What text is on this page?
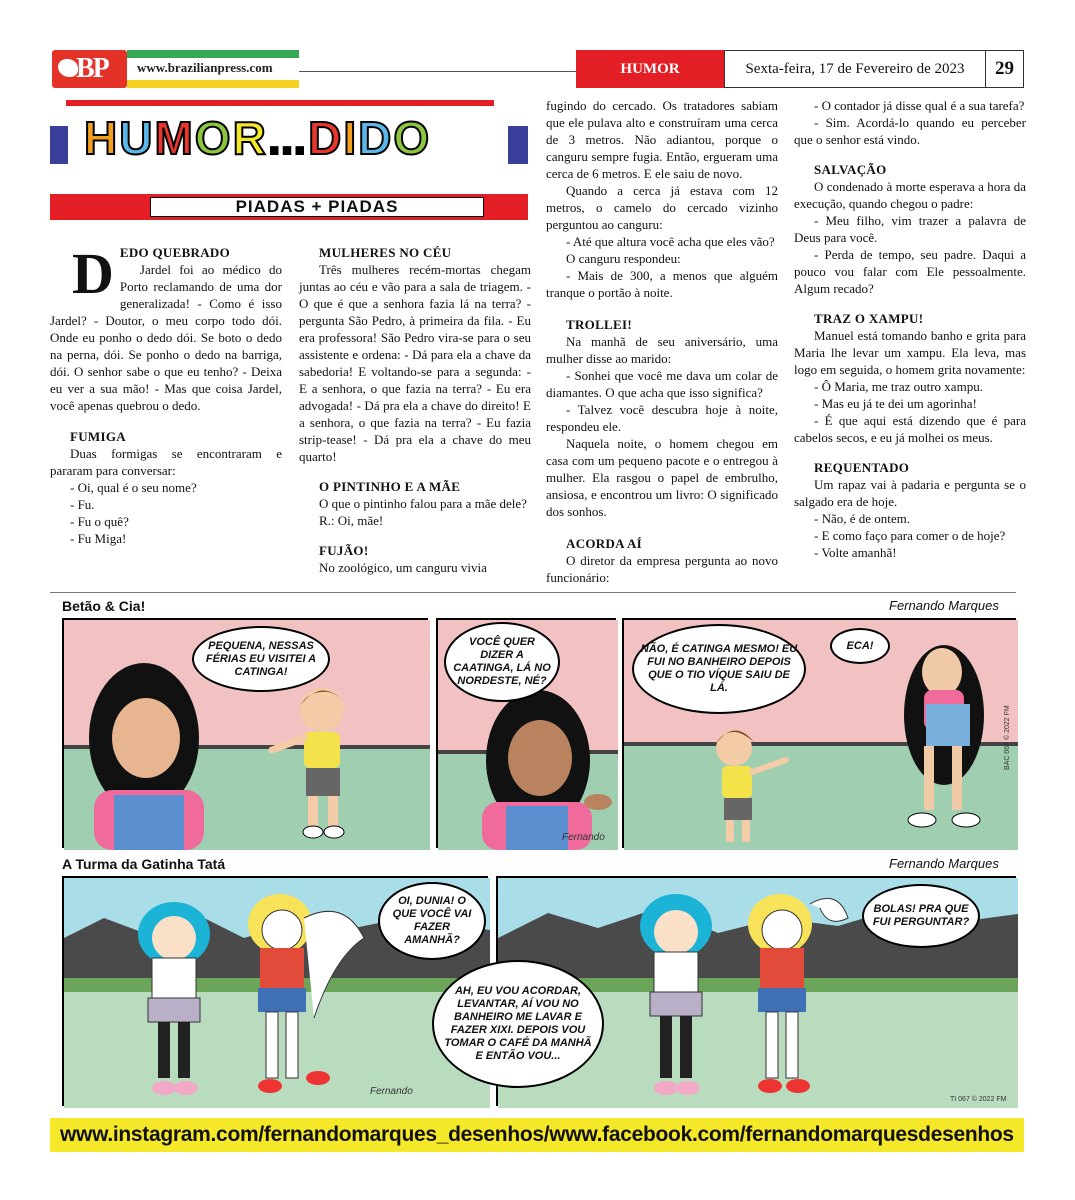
BP www.brazilianpress.com	HUMOR	Sexta-feira, 17 de Fevereiro de 2023	29
H U M O R ... D I D O
PIADAS + PIADAS
D EDO QUEBRADO

Jardel foi ao médico do Porto reclamando de uma dor generalizada! - Como é isso Jardel? - Doutor, o meu corpo todo dói. Onde eu ponho o dedo dói. Se boto o dedo na perna, dói. Se ponho o dedo na barriga, dói. O senhor sabe o que eu tenho? - Deixa eu ver a sua mão! - Mas que coisa Jardel, você apenas quebrou o dedo.

FUMIGA

Duas formigas se encontraram e pararam para conversar:

- Oi, qual é o seu nome?

- Fu.

- Fu o quê?

- Fu Miga!

MULHERES NO CÉU

Três mulheres recém-mortas chegam juntas ao céu e vão para a sala de triagem. - O que é que a senhora fazia lá na terra? - pergunta São Pedro, à primeira da fila. - Eu era professora! São Pedro vira-se para o seu assistente e ordena: - Dá para ela a chave da sabedoria! E voltando-se para a segunda: - E a senhora, o que fazia na terra? - Eu era advogada! - Dá pra ela a chave do direito! E a senhora, o que fazia na terra? - Eu fazia strip-tease! - Dá pra ela a chave do meu quarto!

O PINTINHO E A MÃE

O que o pintinho falou para a mãe dele?

R.: Oi, mãe!

FUJÃO!

No zoológico, um canguru vivia

fugindo do cercado. Os tratadores sabiam que ele pulava alto e construíram uma cerca de 3 metros. Não adiantou, porque o canguru sempre fugia. Então, ergueram uma cerca de 6 metros. E ele saiu de novo.

Quando a cerca já estava com 12 metros, o camelo do cercado vizinho perguntou ao canguru:

- Até que altura você acha que eles vão?

O canguru respondeu:

- Mais de 300, a menos que alguém tranque o portão à noite.

TROLLEI!

Na manhã de seu aniversário, uma mulher disse ao marido:

- Sonhei que você me dava um colar de diamantes. O que acha que isso significa?

- Talvez você descubra hoje à noite, respondeu ele.

Naquela noite, o homem chegou em casa com um pequeno pacote e o entregou à mulher. Ela rasgou o papel de embrulho, ansiosa, e encontrou um livro: O significado dos sonhos.

ACORDA AÍ

O diretor da empresa pergunta ao novo funcionário:

- O contador já disse qual é a sua tarefa?

- Sim. Acordá-lo quando eu perceber que o senhor está vindo.

SALVAÇÃO

O condenado à morte esperava a hora da execução, quando chegou o padre:

- Meu filho, vim trazer a palavra de Deus para você.

- Perda de tempo, seu padre. Daqui a pouco vou falar com Ele pessoalmente. Algum recado?

TRAZ O XAMPU!

Manuel está tomando banho e grita para Maria lhe levar um xampu. Ela leva, mas logo em seguida, o homem grita novamente:

- Ô Maria, me traz outro xampu.

- Mas eu já te dei um agorinha!

- É que aqui está dizendo que é para cabelos secos, e eu já molhei os meus.

REQUENTADO

Um rapaz vai à padaria e pergunta se o salgado era de hoje.

- Não, é de ontem.

- E como faço para comer o de hoje?

- Volte amanhã!

Betão & Cia!	Fernando Marques
PEQUENA, NESSAS FÉRIAS EU VISITEI A CATINGA!
VOCÊ QUER DIZER A CAATINGA, LÁ NO NORDESTE, NÉ?
Fernando
NÃO, É CATINGA MESMO! EU FUI NO BANHEIRO DEPOIS QUE O TIO VÍQUE SAIU DE LÁ.
ECA!
BAC 067 © 2022 FM
A Turma da Gatinha Tatá	Fernando Marques
OI, DUNIA! O QUE VOCÊ VAI FAZER AMANHÃ?
Fernando
BOLAS! PRA QUE FUI PERGUNTAR?
AH, EU VOU ACORDAR, LEVANTAR, AÍ VOU NO BANHEIRO ME LAVAR E FAZER XIXI. DEPOIS VOU TOMAR O CAFÉ DA MANHÃ E ENTÃO VOU...
TI 067 © 2022 FM
www.instagram.com/fernandomarques_desenhos/ www.facebook.com/fernandomarquesdesenhos
